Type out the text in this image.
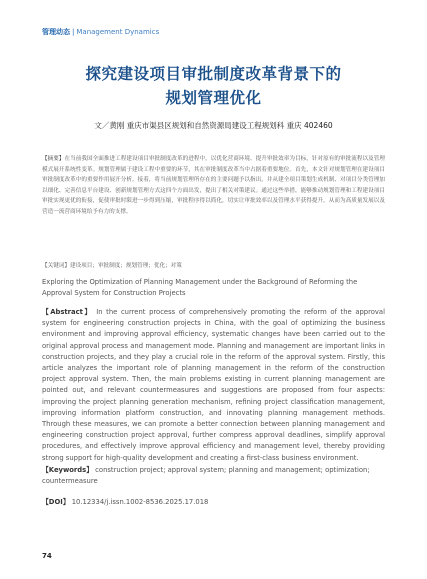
管理动态 | Management Dynamics
探究建设项目审批制度改革背景下的
规划管理优化
文／黄刚 重庆市渠县区规划和自然资源局建设工程规划科 重庆 402460
【摘要】在当前我国全面推进工程建设项目审批制度改革的进程中，以优化营商环境、提升审批效率为目标，针对原有的审批流程以及管理模式展开系统性变革。规划管理属于建设工程中重要的环节，其在审批制度改革当中占据着重要地位。首先，本文针对规划管理在建设项目审批制度改革中的重要作用展开分析。接着，将当前规划管理所存在的主要问题予以指出，并从建全项目策划生成机制、对项目分类管理加以细化、完善信息平台建设、创新规划管理方式这四个方面出发，提出了相关对策建议。通过这些举措，能够推动规划管理和工程建设项目审批实现更优的衔接，促使审批时限进一步得到压缩，审批程序得以简化，切实让审批效率以及管理水平获得提升，从而为高质量发展以及营造一流营商环境给予有力的支撑。
【关键词】建设项目；审批制度；规划管理；优化；对策
Exploring the Optimization of Planning Management under the Background of Reforming the Approval System for Construction Projects
【Abstract】 In the current process of comprehensively promoting the reform of the approval system for engineering construction projects in China, with the goal of optimizing the business environment and improving approval efficiency, systematic changes have been carried out to the original approval process and management mode. Planning and management are important links in construction projects, and they play a crucial role in the reform of the approval system. Firstly, this article analyzes the important role of planning management in the reform of the construction project approval system. Then, the main problems existing in current planning management are pointed out, and relevant countermeasures and suggestions are proposed from four aspects: improving the project planning generation mechanism, refining project classification management, improving information platform construction, and innovating planning management methods. Through these measures, we can promote a better connection between planning management and engineering construction project approval, further compress approval deadlines, simplify approval procedures, and effectively improve approval efficiency and management level, thereby providing strong support for high-quality development and creating a first-class business environment.
【Keywords】 construction project; approval system; planning and management; optimization; countermeasure
【DOI】 10.12334/j.issn.1002-8536.2025.17.018
74
